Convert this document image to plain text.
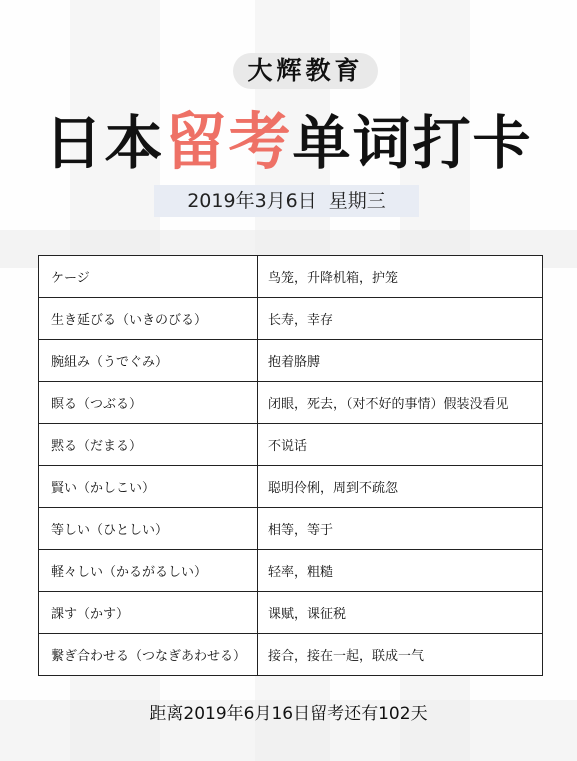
大辉教育
日本留考单词打卡
2019年3月6日 星期三
ケージ	鸟笼，升降机箱，护笼
生き延びる（いきのびる）	长寿，幸存
腕組み（うでぐみ）	抱着胳膊
瞑る（つぶる）	闭眼，死去，（对不好的事情）假装没看见
黙る（だまる）	不说话
賢い（かしこい）	聪明伶俐，周到不疏忽
等しい（ひとしい）	相等，等于
軽々しい（かるがるしい）	轻率，粗糙
課す（かす）	课赋，课征税
繋ぎ合わせる（つなぎあわせる）	接合，接在一起，联成一气
距离2019年6月16日留考还有102天
